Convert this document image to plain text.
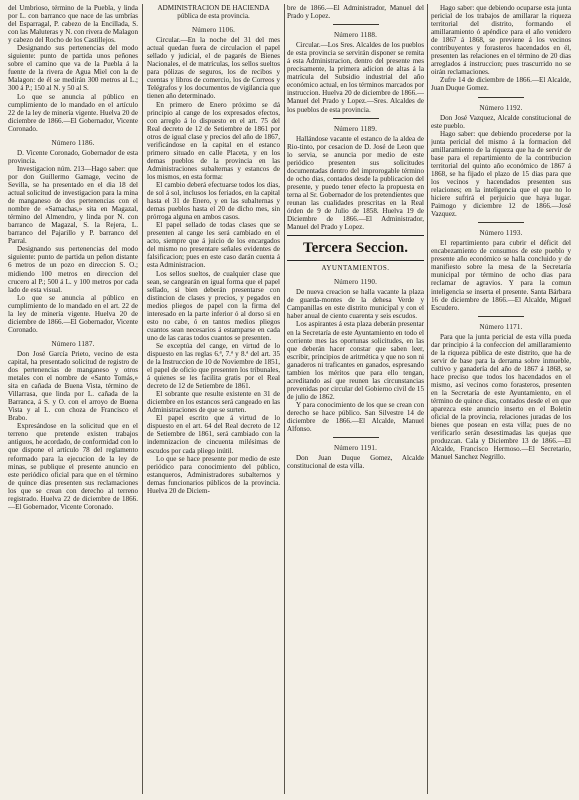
del Umbrioso, término de la Puebla, y linda por L. con barranco que nace de las umbrías del Esparragal, P. cabezo de la Encillada, S. con las Maluteras y N. con rivera de Malagon y cabezo del Rocho de los Castillejos.

Designando sus pertenencias del modo siguiente: punto de partida unos peñones sobre el camino que va de la Puebla á la fuente de la rivera de Agua Miel con la de Malagon: de él se medirán 300 metros al L.; 300 á P.; 150 al N. y 50 al S.

Lo que se anuncia al público en cumplimiento de lo mandado en el artículo 22 de la ley de minería vigente. Huelva 20 de diciembre de 1866.—El Gobernador, Vicente Coronado.

Número 1186.

D. Vicente Coronado, Gobernador de esta provincia.

Investigacion núm. 213—Hago saber: que por don Guillermo Gamage, vecino de Sevilla, se ha presentado en el dia 18 del actual solicitud de investigacion para la mina de manganeso de dos pertenencias con el nombre de «Samachas,» sita en Magazal, término del Almendro, y linda por N. con barranco de Magazal, S. la Rejera, L. barranco del Pajarillo y P. barranco del Parral.

Designando sus pertenencias del modo siguiente: punto de partida un peñon distante 6 metros de un pozo en direccion S. O.; midiendo 100 metros en direccion del crucero al P.; 500 á L. y 100 metros por cada lado de esta visual.

Lo que se anuncia al público en cumplimiento de lo mandado en el art. 22 de la ley de minería vigente. Huelva 20 de diciembre de 1866.—El Gobernador, Vicente Coronado.

Número 1187.

Don José García Prieto, vecino de esta capital, ha presentado solicitud de registro de dos pertenencias de manganeso y otros metales con el nombre de «Santo Tomás,» sita en cañada de Buena Vista, término de Villarrasa, que linda por L. cañada de la Barranca, á S. y O. con el arroyo de Buena Vista y al L. con choza de Francisco el Brabo.

Expresándose en la solicitud que en el terreno que pretende existen trabajos antiguos, he acordado, de conformidad con lo que dispone el artículo 78 del reglamento reformado para la ejecucion de la ley de minas, se publique el presente anuncio en este periódico oficial para que en el término de quince dias presenten sus reclamaciones los que se crean con derecho al terreno registrado. Huelva 22 de diciembre de 1866.—El Gobernador, Vicente Coronado.

ADMINISTRACION DE HACIENDA pública de esta provincia.

Número 1106.

Circular.—En la noche del 31 del mes actual quedan fuera de circulacion el papel sellado y judicial, el de pagarés de Bienes Nacionales, el de matrículas, los sellos sueltos para pólizas de seguros, los de recibos y cuentas y libros de comercio, los de Correos y Telégrafos y los documentos de vigilancia que tienen año determinado.

En primero de Enero próximo se dá principio al cange de los expresados efectos, con arreglo á lo dispuesto en el art. 75 del Real decreto de 12 de Setiembre de 1861 por otros de igual clase y precios del año de 1867, verificándose en la capital en el estanco primero situado en calle Placeta, y en los demas pueblos de la provincia en las Administraciones subalternas y estancos de los mismos, en esta forma:

El cambio deberá efectuarse todos los dias, de sol á sol, inclusos los feriados, en la capital hasta el 31 de Enero, y en las subalternas y demas pueblos hasta el 20 de dicho mes, sin prórroga alguna en ambos casos.

El papel sellado de todas clases que se presenten al cange les será cambiado en el acto, siempre que á juicio de los encargados del mismo no presentare señales evidentes de falsificacion; pues en este caso darán cuenta á esta Administracion.

Los sellos sueltos, de cualquier clase que sean, se cangearán en igual forma que el papel sellado, si bien deberán presentarse con distincion de clases y precios, y pegados en medios pliegos de papel con la firma del interesado en la parte inferior ó al dorso si en esto no cabe, ó en tantos medios pliegos cuantos sean necesarios á estamparse en cada uno de las caras todos cuantos se presenten.

Se exceptúa del cange, en virtud de lo dispuesto en las reglas 6.ª, 7.ª y 8.ª del art. 35 de la Instruccion de 10 de Noviembre de 1851, el papel de oficio que presenten los tribunales, á quienes se les facilita gratis por el Real decreto de 12 de Setiembre de 1861.

El sobrante que resulte existente en 31 de diciembre en los estancos será cangeado en las Administraciones de que se surten.

El papel escrito que á virtud de lo dispuesto en el art. 64 del Real decreto de 12 de Setiembre de 1861, será cambiado con la indemnizacion de cincuenta milésimas de escudos por cada pliego inútil.

Lo que se hace presente por medio de este periódico para conocimiento del público, estanqueros, Administradores subalternos y demas funcionarios públicos de la provincia. Huelva 20 de Diciem-

bre de 1866.—El Administrador, Manuel del Prado y Lopez.

Número 1188.

Circular.—Los Sres. Alcaldes de los pueblos de esta provincia se servirán disponer se remita á esta Administracion, dentro del presente mes precisamente, la primera adicion de altas á la matrícula del Subsidio industrial del año económico actual, en los términos marcados por instruccion. Huelva 20 de diciembre de 1866.—Manuel del Prado y Lopez.—Sres. Alcaldes de los pueblos de esta provincia.

Número 1189.

Hallándose vacante el estanco de la aldea de Rio-tinto, por cesacion de D. José de Leon que lo servia, se anuncia por medio de este periódico presenten sus solicitudes documentadas dentro del improrogable término de ocho dias, contados desde la publicacion del presente, y puedo tener efecto la propuesta en terna al Sr. Gobernador de los pretendientes que reunan las cualidades prescritas en la Real órden de 9 de Julio de 1858. Huelva 19 de Diciembre de 1866.—El Administrador, Manuel del Prado y Lopez.

Tercera Seccion.
AYUNTAMIENTOS.
Número 1190.

De nueva creacion se halla vacante la plaza de guarda-montes de la dehesa Verde y Campanillas en este distrito municipal y con el haber anual de ciento cuarenta y seis escudos.

Los aspirantes á esta plaza deberán presentar en la Secretaría de este Ayuntamiento en todo el corriente mes las oportunas solicitudes, en las que deberán hacer constar que saben leer, escribir, principios de aritmética y que no son ni ganaderos ni traficantes en ganados, espresando tambien los méritos que para ello tengan, acreditando así que reunen las circunstancias prevenidas por circular del Gobierno civil de 15 de julio de 1862.

Y para conocimiento de los que se crean con derecho se hace público. San Silvestre 14 de diciembre de 1866.—El Alcalde, Manuel Alfonso.

Número 1191.

Don Juan Duque Gomez, Alcalde constitucional de esta villa.

Hago saber: que debiendo ocuparse esta junta pericial de los trabajos de amillarar la riqueza territorial del distrito, formando el amillaramiento ó apéndice para el año venidero de 1867 á 1868, se previene á los vecinos contribuyentes y forasteros hacendados en él, presenten las relaciones en el término de 20 dias arreglados á instruccion; pues trascurrido no se oirán reclamaciones.

Zufre 14 de diciembre de 1866.—El Alcalde, Juan Duque Gomez.

Número 1192.

Don José Vazquez, Alcalde constitucional de este pueblo.

Hago saber: que debiendo procederse por la junta pericial del mismo á la formacion del amillaramiento de la riqueza que ha de servir de base para el repartimiento de la contribucion territorial del quinto año económico de 1867 á 1868, se ha fijado el plazo de 15 dias para que los vecinos y hacendados presenten sus relaciones; en la inteligencia que el que no lo hiciere sufrirá el perjuicio que haya lugar. Paimogo y diciembre 12 de 1866.—José Vazquez.

Número 1193.

El repartimiento para cubrir el déficit del encabezamiento de consumos de este pueblo y presente año económico se halla concluido y de manifiesto sobre la mesa de la Secretaría municipal por término de ocho dias para reclamar de agravios. Y para la comun inteligencia se inserta el presente. Santa Bárbara 16 de diciembre de 1866.—El Alcalde, Miguel Escudero.

Número 1171.

Para que la junta pericial de esta villa pueda dar principio á la confeccion del amillaramiento de la riqueza pública de este distrito, que ha de servir de base para la derrama sobre inmueble, cultivo y ganadería del año de 1867 á 1868, se hace preciso que todos los hacendados en el mismo, así vecinos como forasteros, presenten en la Secretaría de este Ayuntamiento, en el término de quince dias, contados desde el en que aparezca este anuncio inserto en el Boletin oficial de la provincia, relaciones juradas de los bienes que posean en esta villa; pues de no verificarlo serán desestimadas las quejas que produzcan. Cala y Diciembre 13 de 1866.—El Alcalde, Francisco Hermoso.—El Secretario, Manuel Sanchez Negrillo.
